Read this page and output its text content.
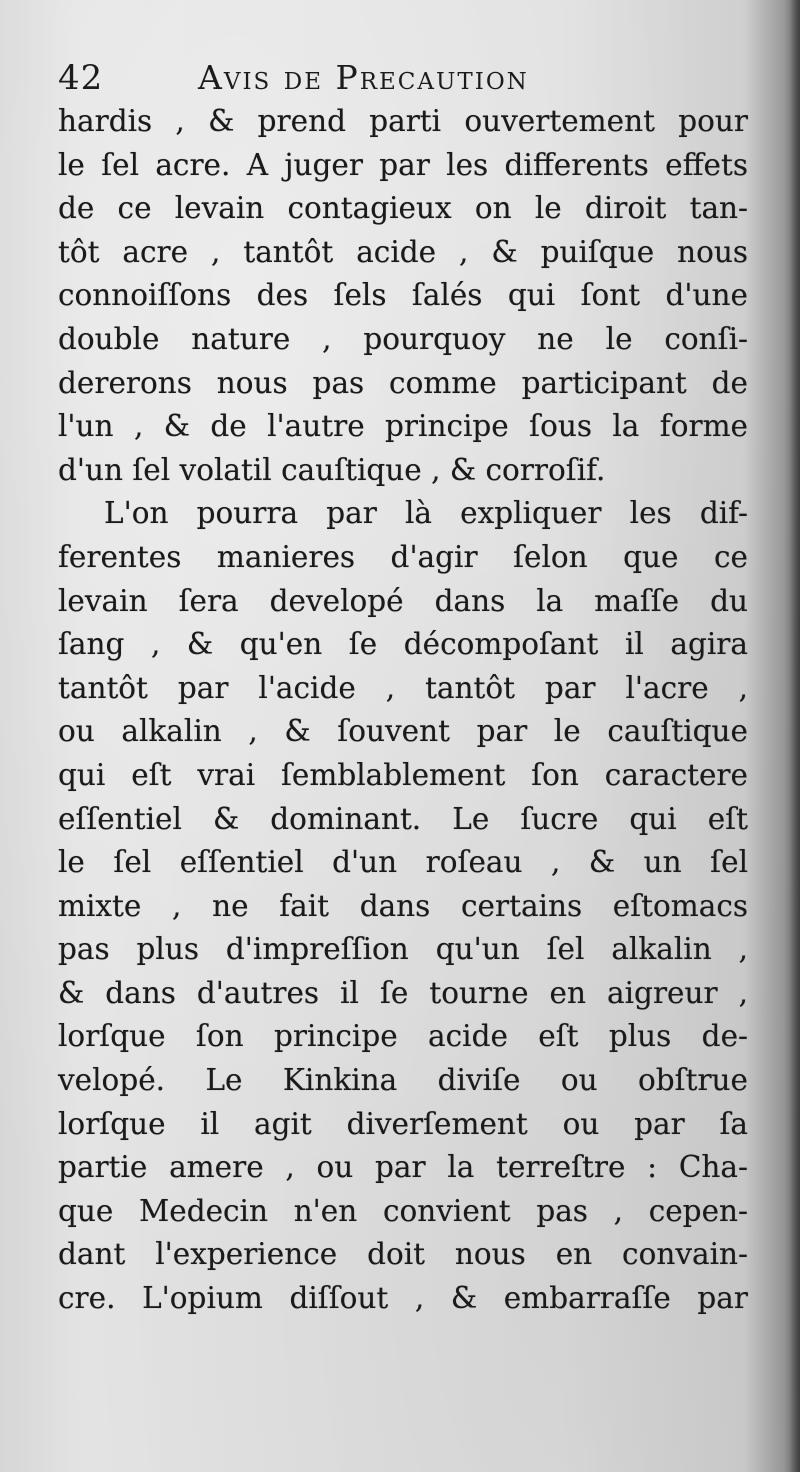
42	Avis de Precaution
hardis , & prend parti ouvertement pour
le ſel acre. A juger par les differents effets
de ce levain contagieux on le diroit tan-
tôt acre , tantôt acide , & puiſque nous
connoiſſons des ſels ſalés qui ſont d'une
double nature , pourquoy ne le conſi-
dererons nous pas comme participant de
l'un , & de l'autre principe ſous la forme
d'un ſel volatil cauſtique , & corroſif.
L'on pourra par là expliquer les dif-
ferentes manieres d'agir ſelon que ce
levain ſera developé dans la maſſe du
ſang , & qu'en ſe décompoſant il agira
tantôt par l'acide , tantôt par l'acre ,
ou alkalin , & ſouvent par le cauſtique
qui eſt vrai ſemblablement ſon caractere
eſſentiel & dominant. Le ſucre qui eſt
le ſel eſſentiel d'un roſeau , & un ſel
mixte , ne fait dans certains eſtomacs
pas plus d'impreſſion qu'un ſel alkalin ,
& dans d'autres il ſe tourne en aigreur ,
lorſque ſon principe acide eſt plus de-
velopé. Le Kinkina diviſe ou obſtrue
lorſque il agit diverſement ou par ſa
partie amere , ou par la terreſtre : Cha-
que Medecin n'en convient pas , cepen-
dant l'experience doit nous en convain-
cre. L'opium diſſout , & embarraſſe par
